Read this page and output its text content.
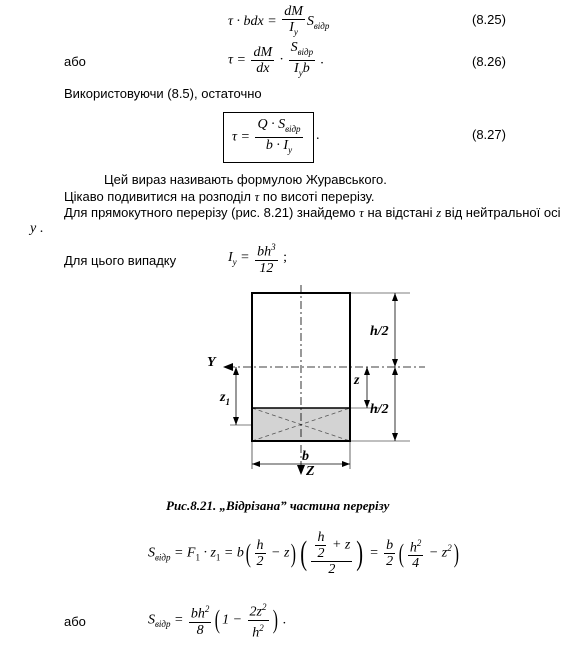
τ · bdx = $\frac{dM}{I_y} S_{відр}$	(8.25)
або	$\tau = \frac{dM}{dx} \cdot \frac{S_{відр}}{I_yb}$ .	(8.26)
Використовуючи (8.5), остаточно
$\tau = \frac{Q \cdot S_{відр}}{b \cdot I_y}$ .	(8.27)
Цей вираз називають формулою Журавського.
Цікаво подивитися на розподіл τ по висоті перерізу.
Для прямокутного перерізу (рис. 8.21) знайдемо τ на відстані z від нейтральної осі
y .
Для цього випадку	$I_y = \frac{bh^3}{12}$ ;
h/2
h/2
z
$z_1$
Y
b
Z
Рис.8.21. „Відрізана” частина перерізу
$S_{відр} = F_1 \cdot z_1 = b( \frac{h}{2} - z)$ ( $\frac{\frac{h}{2} + z}{2}$ ) = $\frac{b}{2}$ ( $\frac{h^2}{4} - z^2$)
або	$S_{відр} = \frac{bh^2}{8}$ ( $1 - \frac{2z^2}{h^2}$ ) .
